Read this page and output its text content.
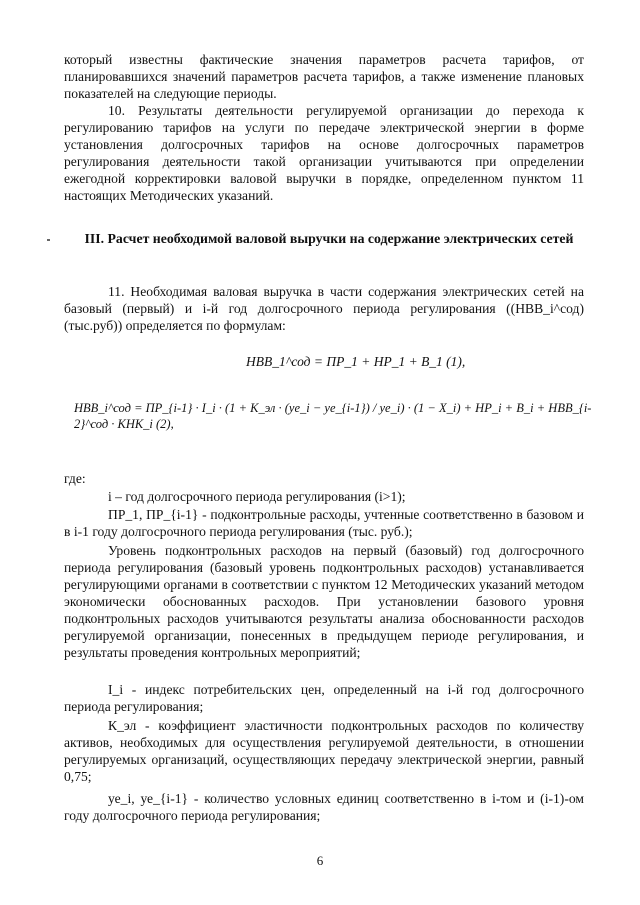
который известны фактические значения параметров расчета тарифов, от планировавшихся значений параметров расчета тарифов, а также изменение плановых показателей на следующие периоды.

10. Результаты деятельности регулируемой организации до перехода к регулированию тарифов на услуги по передаче электрической энергии в форме установления долгосрочных тарифов на основе долгосрочных параметров регулирования деятельности такой организации учитываются при определении ежегодной корректировки валовой выручки в порядке, определенном пунктом 11 настоящих Методических указаний.

III. Расчет необходимой валовой выручки на содержание электрических сетей

11. Необходимая валовая выручка в части содержания электрических сетей на базовый (первый) и i-й год долгосрочного периода регулирования ((НВВ_i^сод) (тыс.руб)) определяется по формулам:

НВВ_1^сод = ПР_1 + НР_1 + В_1 (1),
НВВ_i^сод = ПР_{i-1} · I_i · (1 + К_эл · (уе_i − уе_{i-1}) / уе_i) · (1 − Х_i) + НР_i + В_i + НВВ_{i-2}^сод · КНК_i (2),

где:

i – год долгосрочного периода регулирования (i>1);

ПР_1, ПР_{i-1} - подконтрольные расходы, учтенные соответственно в базовом и в i-1 году долгосрочного периода регулирования (тыс. руб.);

Уровень подконтрольных расходов на первый (базовый) год долгосрочного периода регулирования (базовый уровень подконтрольных расходов) устанавливается регулирующими органами в соответствии с пунктом 12 Методических указаний методом экономически обоснованных расходов. При установлении базового уровня подконтрольных расходов учитываются результаты анализа обоснованности расходов регулируемой организации, понесенных в предыдущем периоде регулирования, и результаты проведения контрольных мероприятий;

I_i - индекс потребительских цен, определенный на i-й год долгосрочного периода регулирования;

К_эл - коэффициент эластичности подконтрольных расходов по количеству активов, необходимых для осуществления регулируемой деятельности, в отношении регулируемых организаций, осуществляющих передачу электрической энергии, равный 0,75;

уе_i, уе_{i-1} - количество условных единиц соответственно в i-том и (i-1)-ом году долгосрочного периода регулирования;

6
